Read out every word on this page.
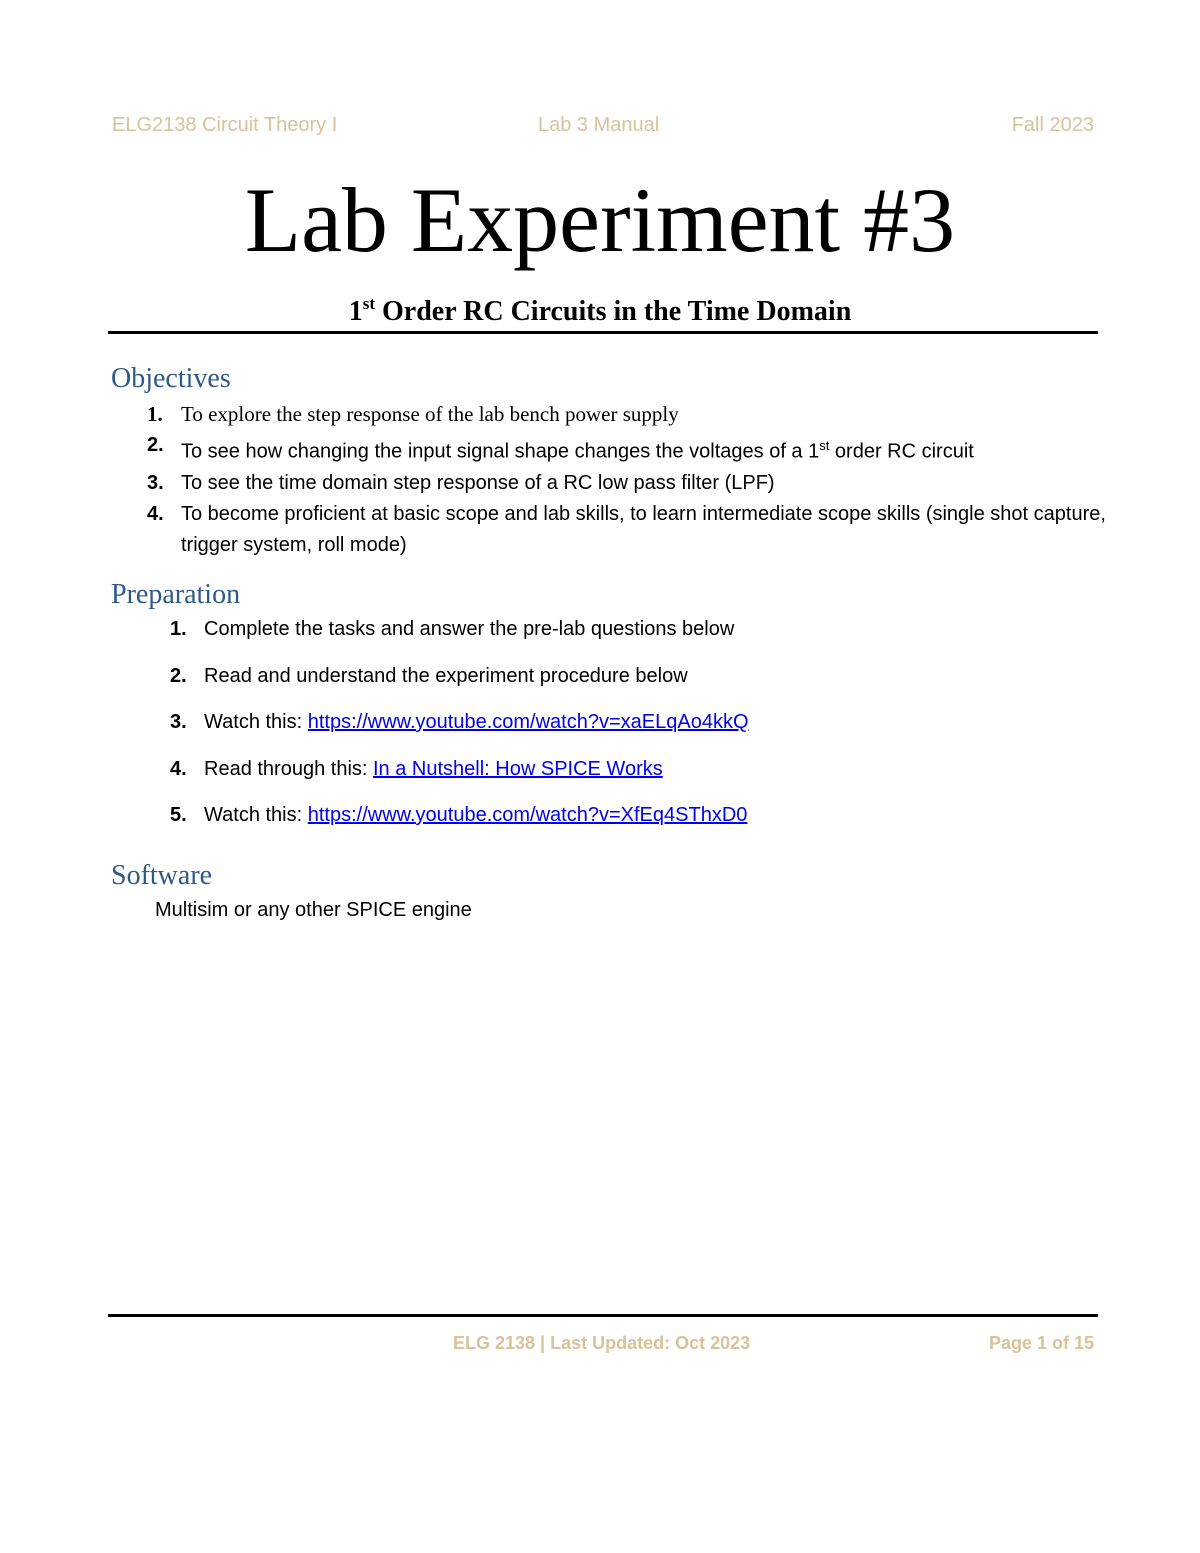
ELG2138 Circuit Theory I	Lab 3 Manual	Fall 2023
Lab Experiment #3
1st Order RC Circuits in the Time Domain
Objectives
1. To explore the step response of the lab bench power supply
2. To see how changing the input signal shape changes the voltages of a 1st order RC circuit
3. To see the time domain step response of a RC low pass filter (LPF)
4. To become proficient at basic scope and lab skills, to learn intermediate scope skills (single shot capture, trigger system, roll mode)
Preparation
1. Complete the tasks and answer the pre-lab questions below
2. Read and understand the experiment procedure below
3. Watch this: https://www.youtube.com/watch?v=xaELqAo4kkQ
4. Read through this: In a Nutshell: How SPICE Works
5. Watch this: https://www.youtube.com/watch?v=XfEq4SThxD0
Software
Multisim or any other SPICE engine
ELG 2138 | Last Updated: Oct 2023	Page 1 of 15
